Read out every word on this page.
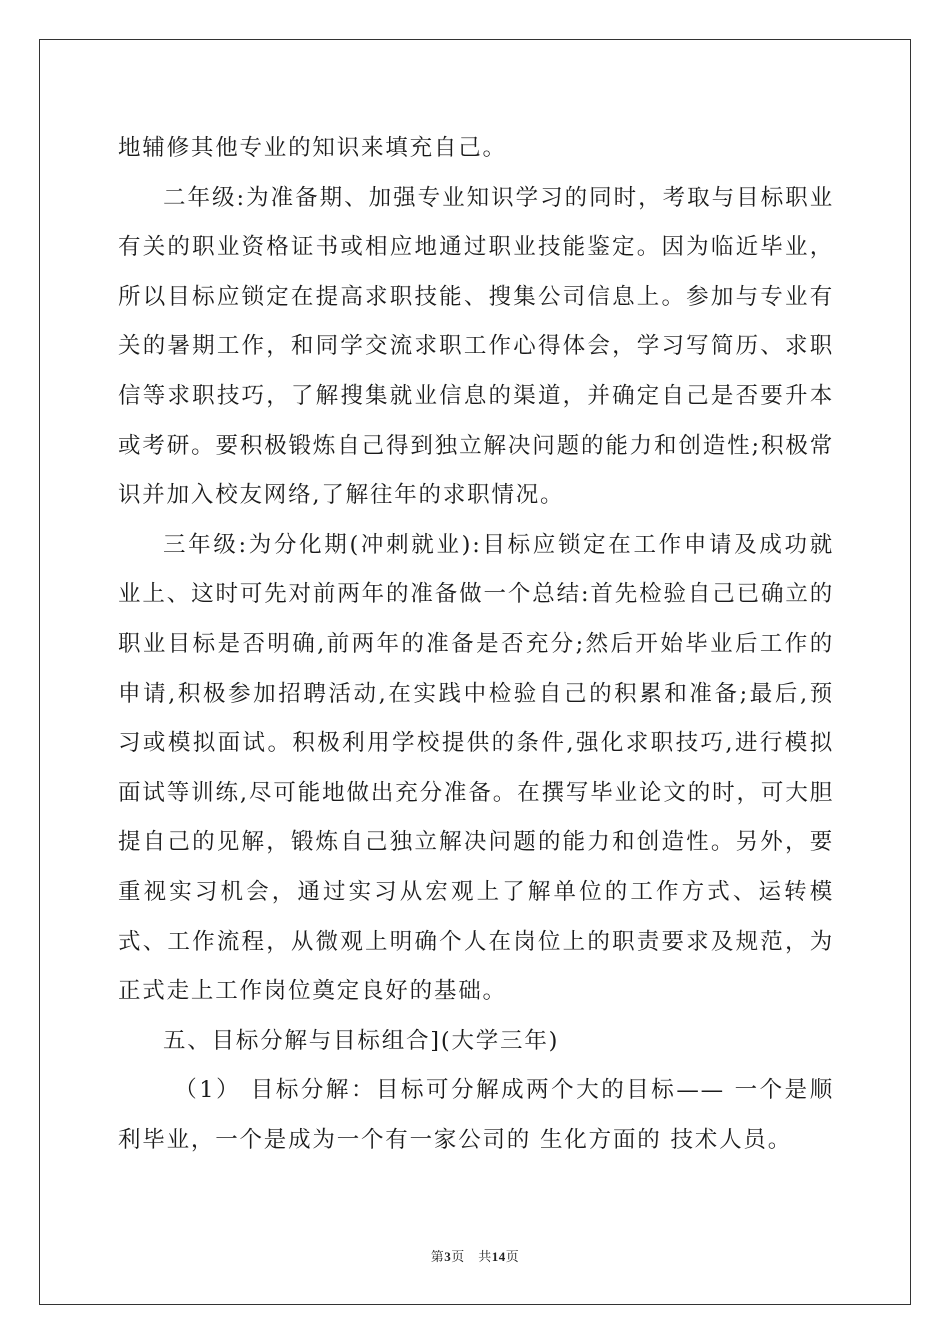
地辅修其他专业的知识来填充自己。

二年级:为准备期、加强专业知识学习的同时，考取与目标职业有关的职业资格证书或相应地通过职业技能鉴定。因为临近毕业，所以目标应锁定在提高求职技能、搜集公司信息上。参加与专业有关的暑期工作，和同学交流求职工作心得体会，学习写简历、求职信等求职技巧，了解搜集就业信息的渠道，并确定自己是否要升本或考研。要积极锻炼自己得到独立解决问题的能力和创造性;积极常识并加入校友网络,了解往年的求职情况。

三年级:为分化期(冲刺就业):目标应锁定在工作申请及成功就业上、这时可先对前两年的准备做一个总结:首先检验自己已确立的职业目标是否明确,前两年的准备是否充分;然后开始毕业后工作的申请,积极参加招聘活动,在实践中检验自己的积累和准备;最后,预习或模拟面试。积极利用学校提供的条件,强化求职技巧,进行模拟面试等训练,尽可能地做出充分准备。在撰写毕业论文的时，可大胆提自己的见解，锻炼自己独立解决问题的能力和创造性。另外，要重视实习机会，通过实习从宏观上了解单位的工作方式、运转模式、工作流程，从微观上明确个人在岗位上的职责要求及规范，为正式走上工作岗位奠定良好的基础。

五、目标分解与目标组合](大学三年)

（1） 目标分解：目标可分解成两个大的目标—— 一个是顺利毕业，一个是成为一个有一家公司的 生化方面的 技术人员。

第3页　共14页
